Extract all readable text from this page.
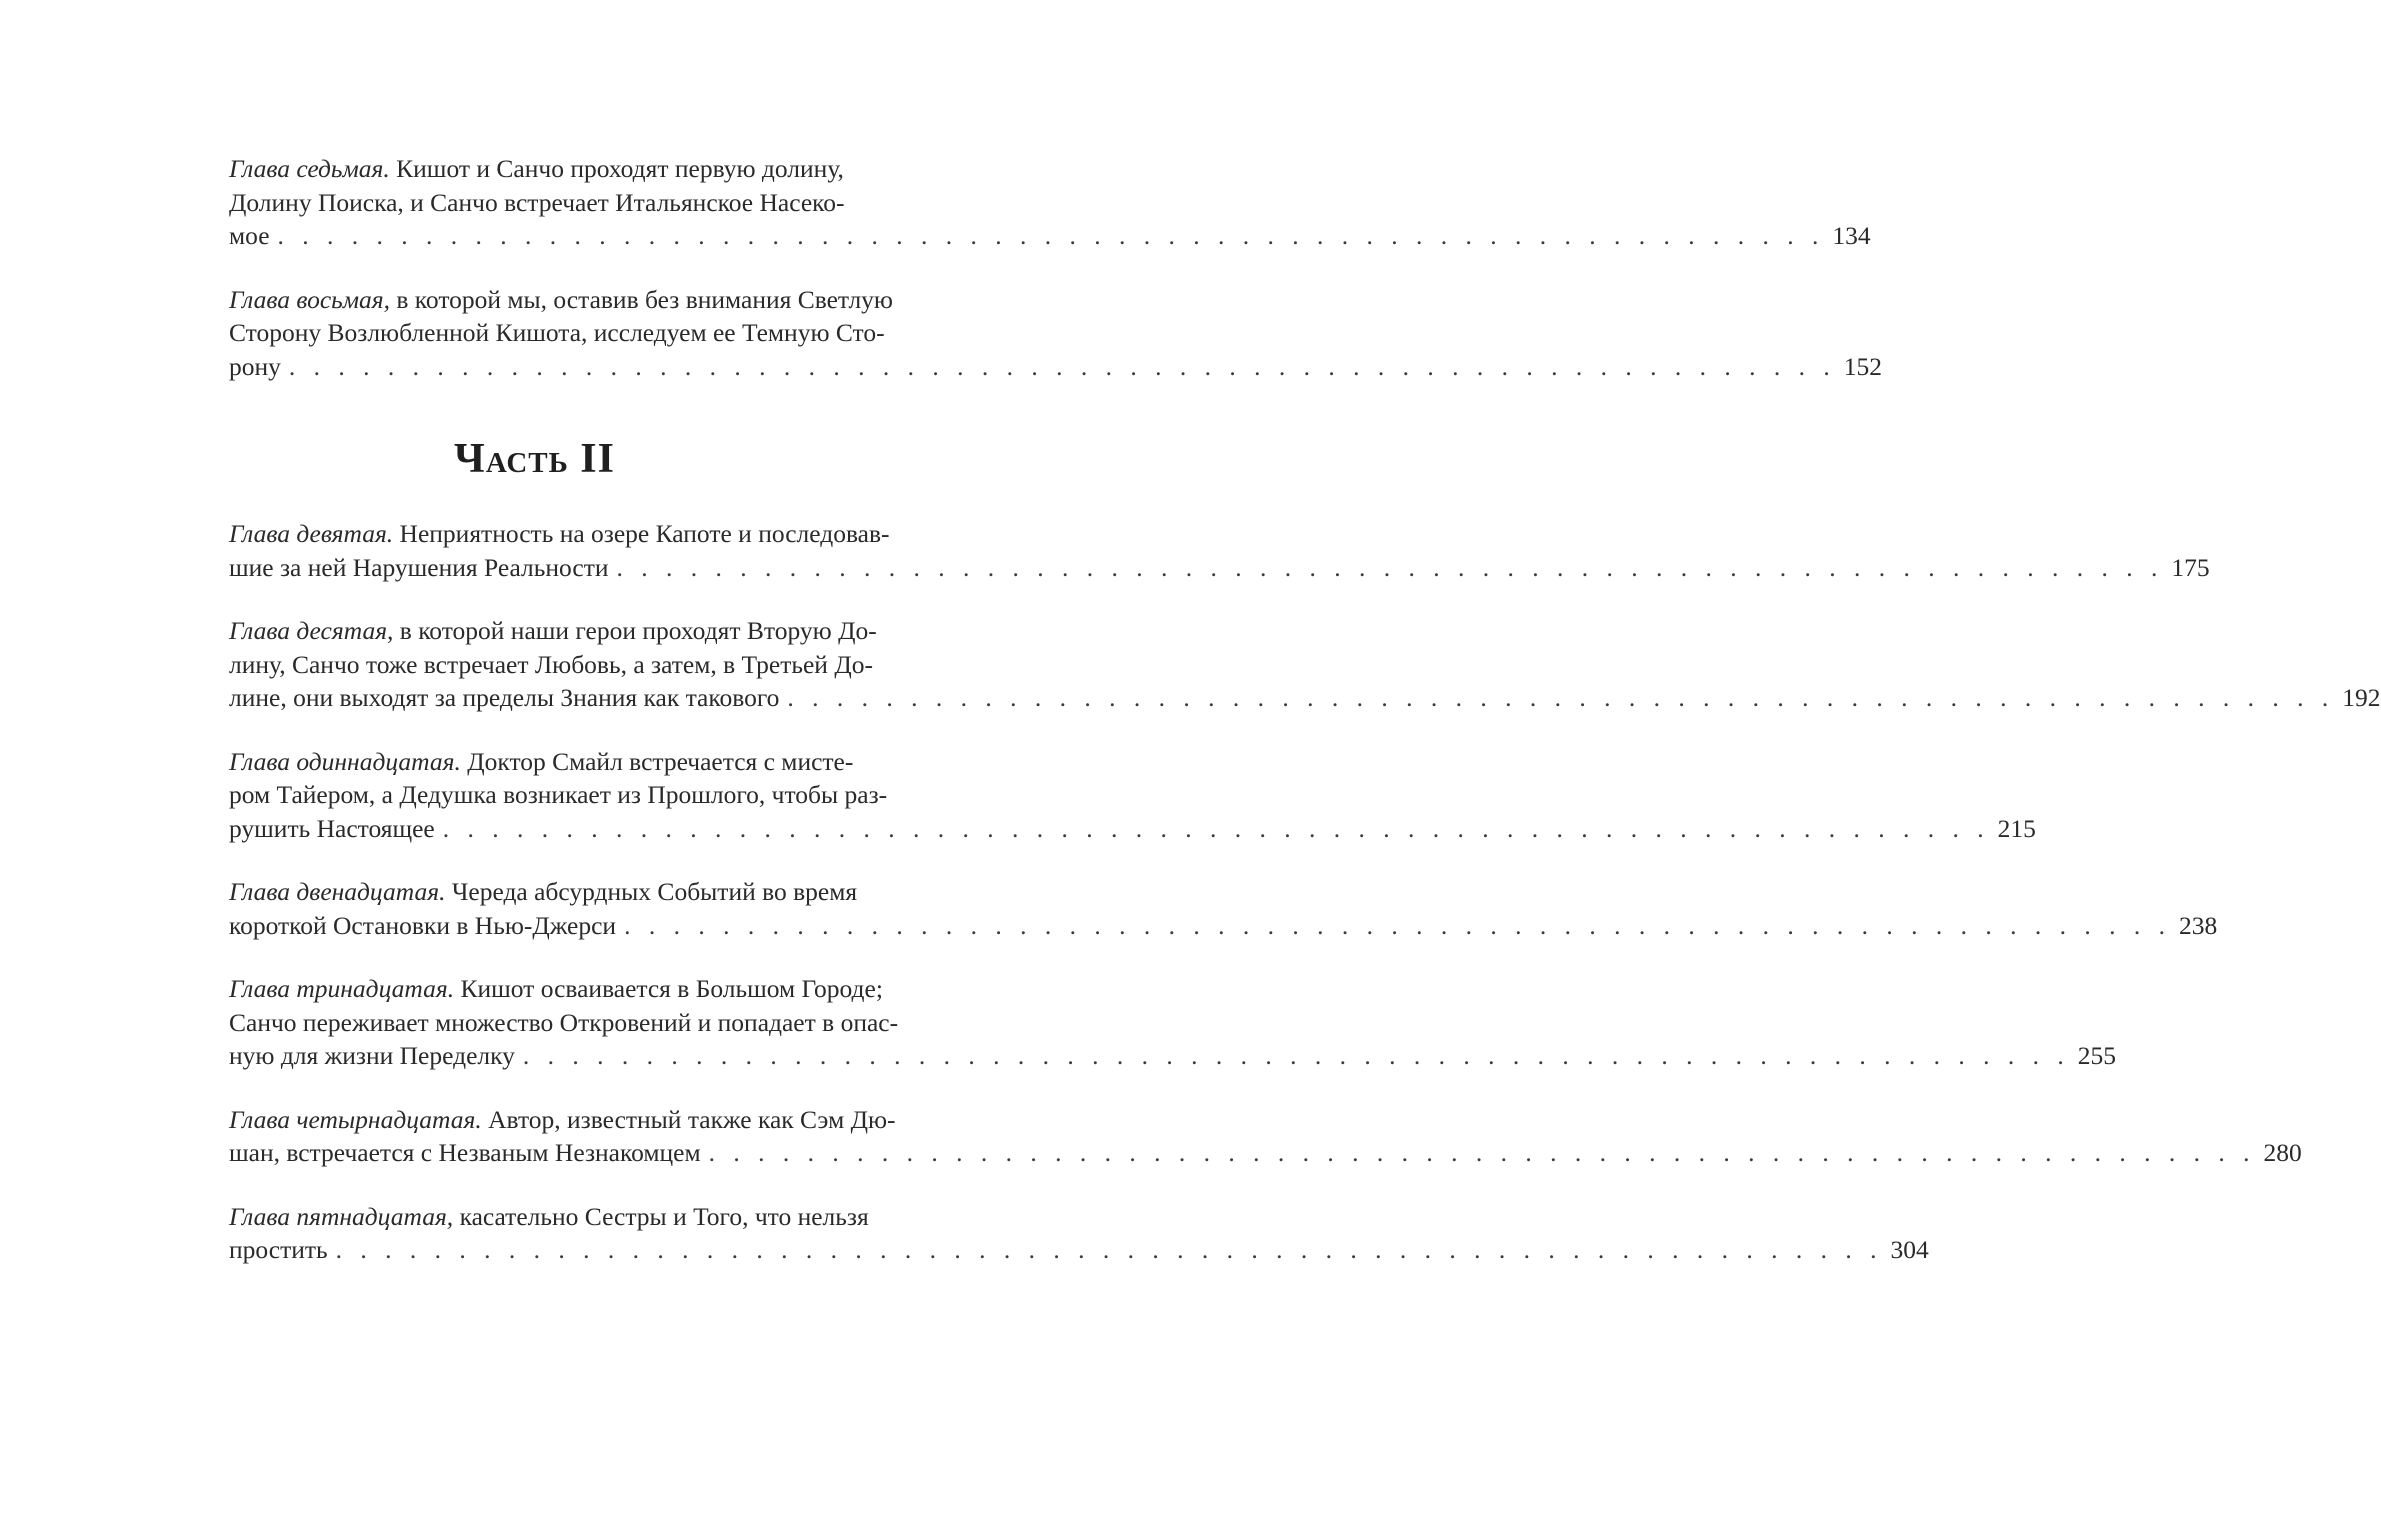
Глава седьмая. Кишот и Санчо проходят первую долину,
Долину Поиска, и Санчо встречает Итальянское Насеко-
мое . . . . . . . . . . . . . . . . . . . . . . . . . . . . . . . . . . . . . . . . . . . . . . . . . . . . . . . . . . . . . . . 134
Глава восьмая, в которой мы, оставив без внимания Светлую
Сторону Возлюбленной Кишота, исследуем ее Темную Сто-
рону . . . . . . . . . . . . . . . . . . . . . . . . . . . . . . . . . . . . . . . . . . . . . . . . . . . . . . . . . . . . . . . 152
Часть II
Глава девятая. Неприятность на озере Капоте и последовав-
шие за ней Нарушения Реальности . . . . . . . . . . . . . . . . . . . . . . . . . . . . . . . . . . . . . . . . . . . . . . . . . . . . . . . . . . . . . . . 175
Глава десятая, в которой наши герои проходят Вторую До-
лину, Санчо тоже встречает Любовь, а затем, в Третьей До-
лине, они выходят за пределы Знания как такового . . . . . . . . . . . . . . . . . . . . . . . . . . . . . . . . . . . . . . . . . . . . . . . . . . . . . . . . . . . . . . . 192
Глава одиннадцатая. Доктор Смайл встречается с мисте-
ром Тайером, а Дедушка возникает из Прошлого, чтобы раз-
рушить Настоящее . . . . . . . . . . . . . . . . . . . . . . . . . . . . . . . . . . . . . . . . . . . . . . . . . . . . . . . . . . . . . . . 215
Глава двенадцатая. Череда абсурдных Событий во время
короткой Остановки в Нью-Джерси . . . . . . . . . . . . . . . . . . . . . . . . . . . . . . . . . . . . . . . . . . . . . . . . . . . . . . . . . . . . . . . 238
Глава тринадцатая. Кишот осваивается в Большом Городе;
Санчо переживает множество Откровений и попадает в опас-
ную для жизни Переделку . . . . . . . . . . . . . . . . . . . . . . . . . . . . . . . . . . . . . . . . . . . . . . . . . . . . . . . . . . . . . . . 255
Глава четырнадцатая. Автор, известный также как Сэм Дю-
шан, встречается с Незваным Незнакомцем . . . . . . . . . . . . . . . . . . . . . . . . . . . . . . . . . . . . . . . . . . . . . . . . . . . . . . . . . . . . . . . 280
Глава пятнадцатая, касательно Сестры и Того, что нельзя
простить . . . . . . . . . . . . . . . . . . . . . . . . . . . . . . . . . . . . . . . . . . . . . . . . . . . . . . . . . . . . . . . 304
